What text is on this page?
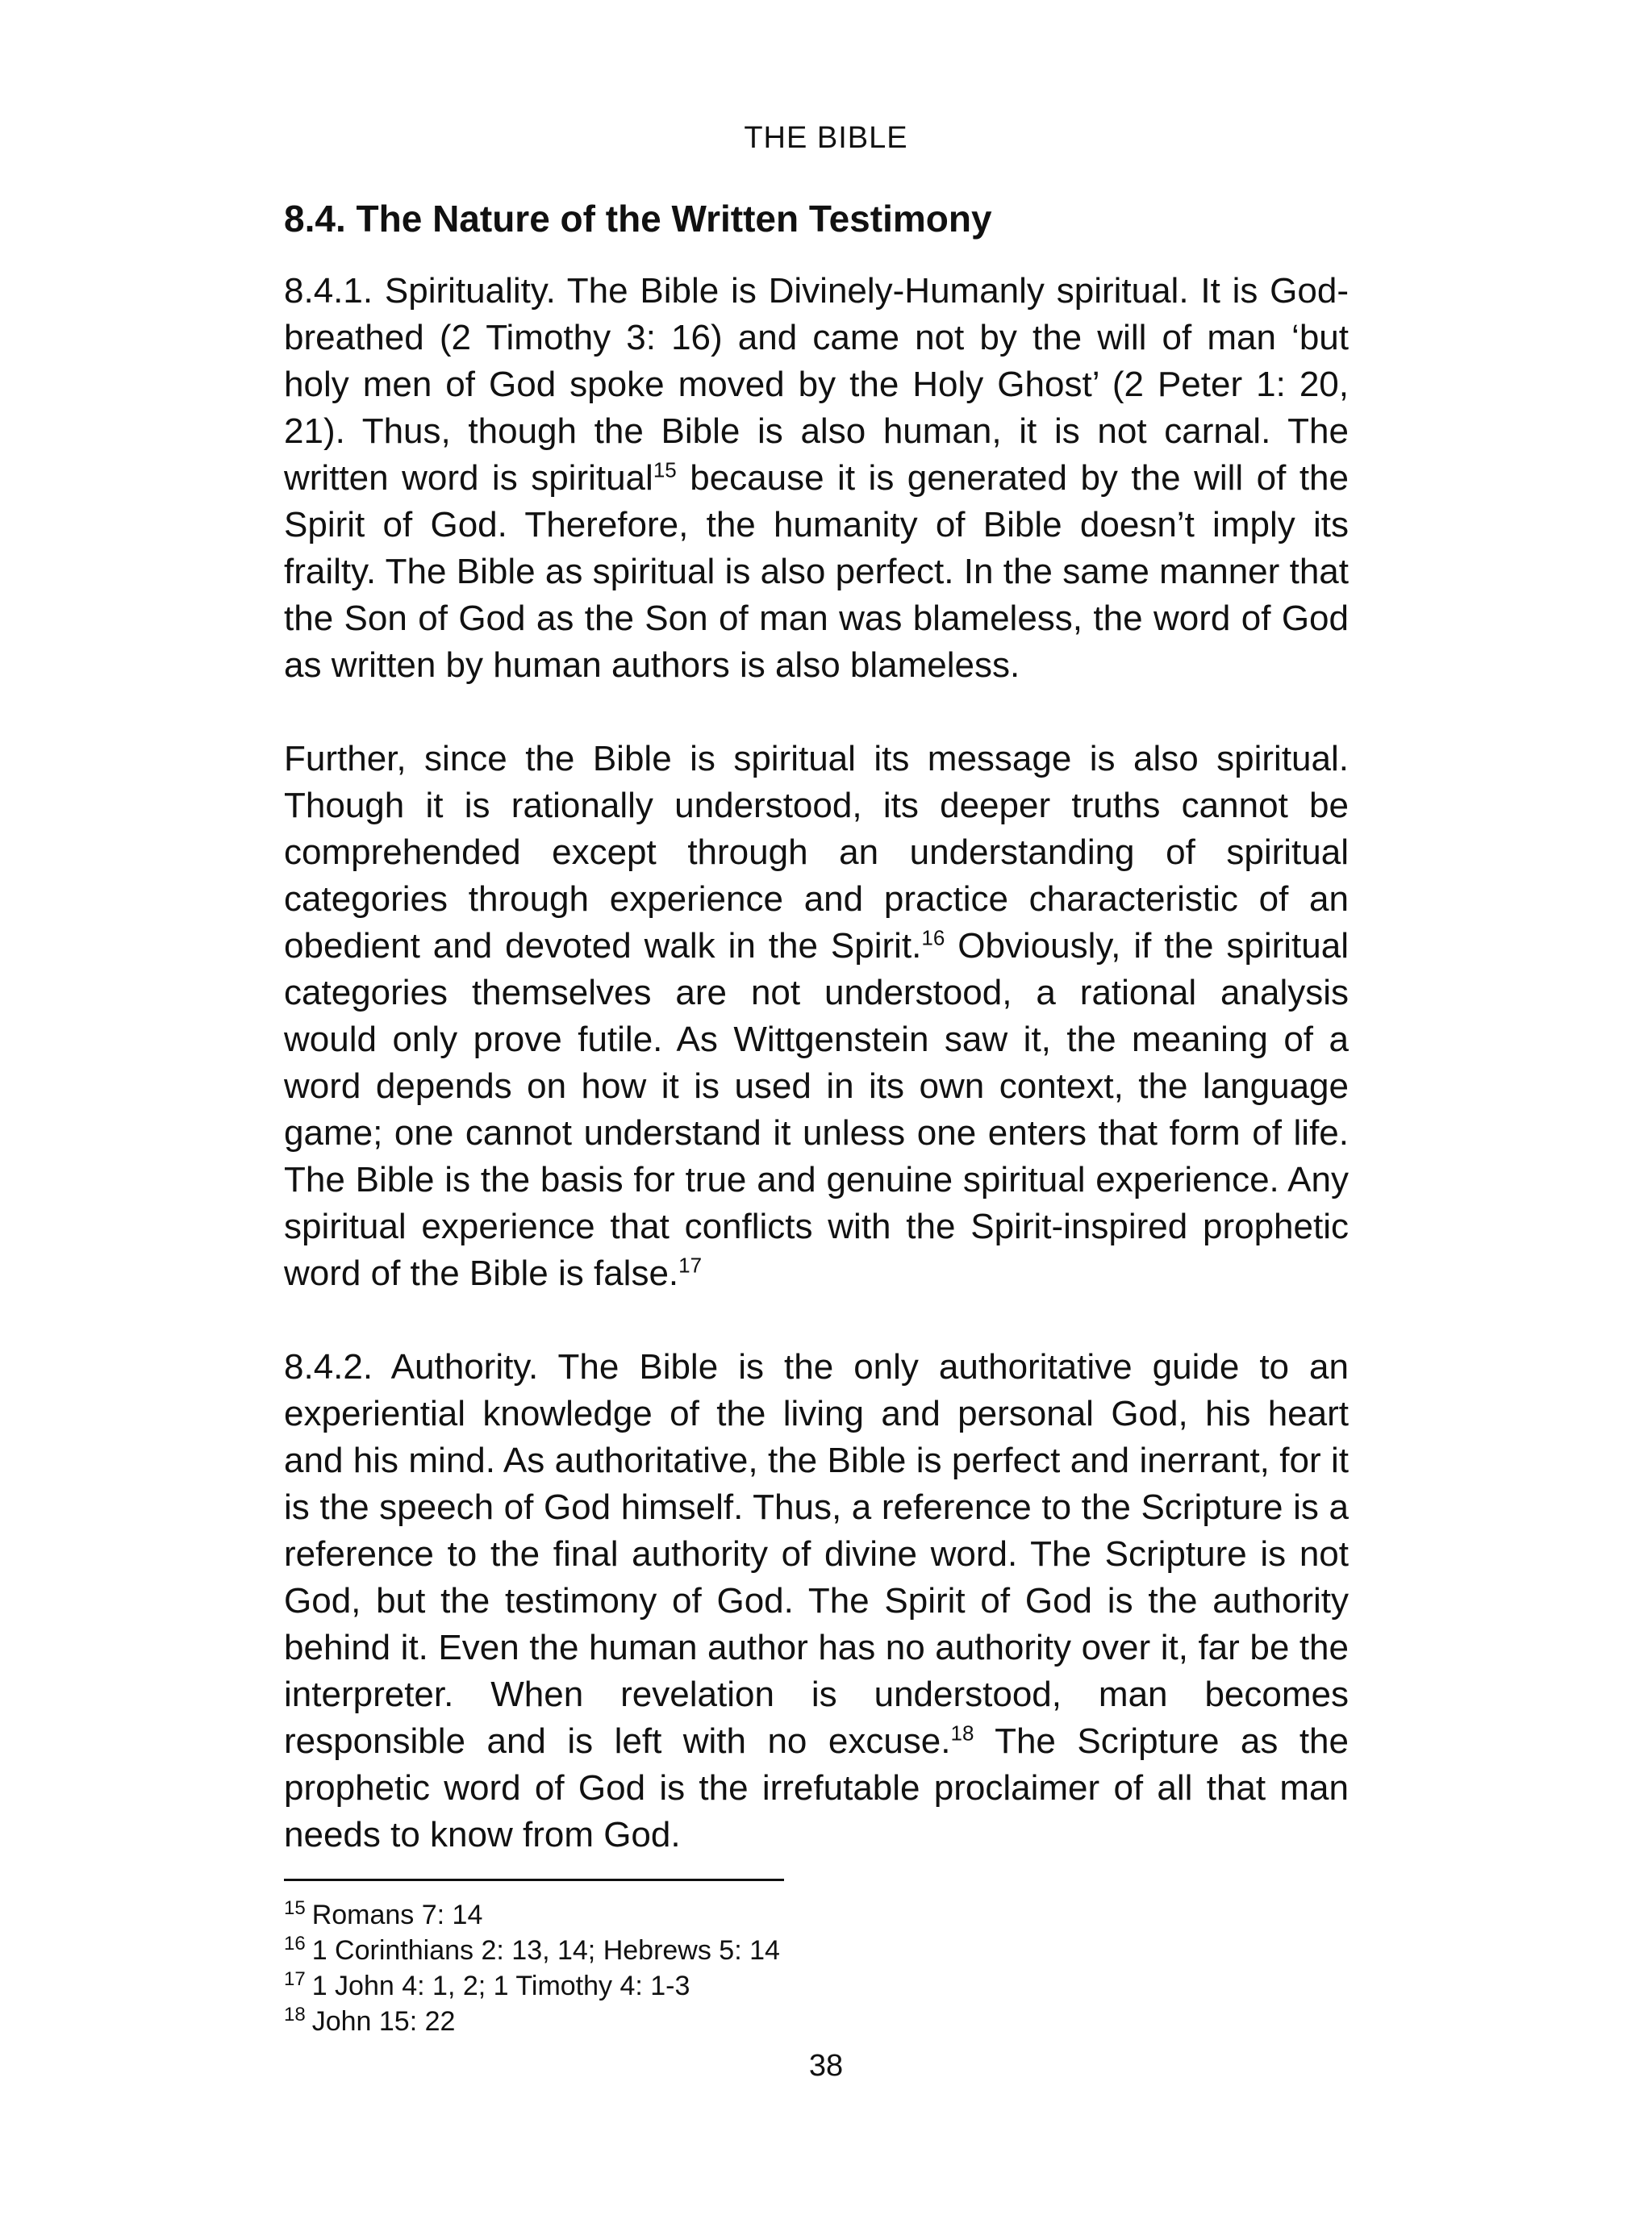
THE BIBLE
8.4. The Nature of the Written Testimony

8.4.1. Spirituality. The Bible is Divinely-Humanly spiritual. It is God-breathed (2 Timothy 3: 16) and came not by the will of man ‘but holy men of God spoke moved by the Holy Ghost’ (2 Peter 1: 20, 21). Thus, though the Bible is also human, it is not carnal. The written word is spiritual$^{15}$ because it is generated by the will of the Spirit of God. Therefore, the humanity of Bible doesn’t imply its frailty. The Bible as spiritual is also perfect. In the same manner that the Son of God as the Son of man was blameless, the word of God as written by human authors is also blameless.

Further, since the Bible is spiritual its message is also spiritual. Though it is rationally understood, its deeper truths cannot be comprehended except through an understanding of spiritual categories through experience and practice characteristic of an obedient and devoted walk in the Spirit.$^{16}$ Obviously, if the spiritual categories themselves are not understood, a rational analysis would only prove futile. As Wittgenstein saw it, the meaning of a word depends on how it is used in its own context, the language game; one cannot understand it unless one enters that form of life. The Bible is the basis for true and genuine spiritual experience. Any spiritual experience that conflicts with the Spirit-inspired prophetic word of the Bible is false.$^{17}$

8.4.2. Authority. The Bible is the only authoritative guide to an experiential knowledge of the living and personal God, his heart and his mind. As authoritative, the Bible is perfect and inerrant, for it is the speech of God himself. Thus, a reference to the Scripture is a reference to the final authority of divine word. The Scripture is not God, but the testimony of God. The Spirit of God is the authority behind it. Even the human author has no authority over it, far be the interpreter. When revelation is understood, man becomes responsible and is left with no excuse.$^{18}$ The Scripture as the prophetic word of God is the irrefutable proclaimer of all that man needs to know from God.

$^{15}$ Romans 7: 14
$^{16}$ 1 Corinthians 2: 13, 14; Hebrews 5: 14
$^{17}$ 1 John 4: 1, 2; 1 Timothy 4: 1-3
$^{18}$ John 15: 22
38
